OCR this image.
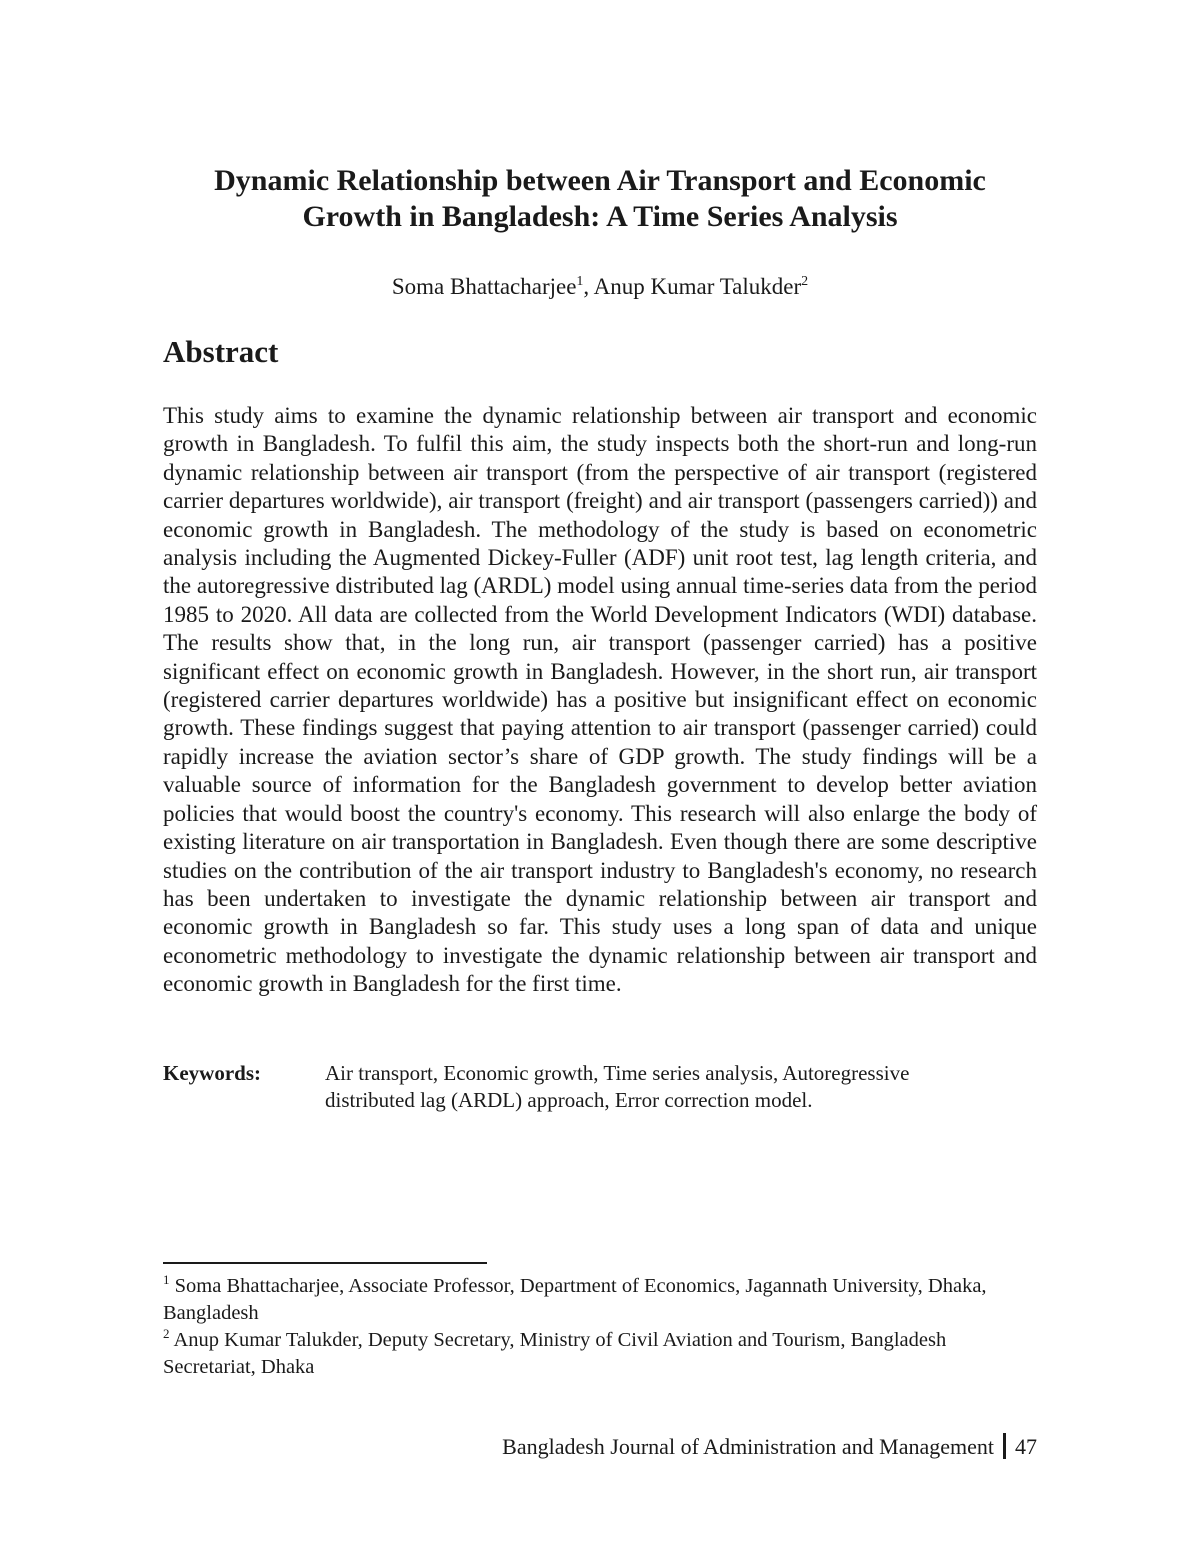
Dynamic Relationship between Air Transport and Economic
Growth in Bangladesh: A Time Series Analysis
Soma Bhattacharjee$^1$, Anup Kumar Talukder$^2$
Abstract

This study aims to examine the dynamic relationship between air transport and economic growth in Bangladesh. To fulfil this aim, the study inspects both the short-run and long-run dynamic relationship between air transport (from the perspective of air transport (registered carrier departures worldwide), air transport (freight) and air transport (passengers carried)) and economic growth in Bangladesh. The methodology of the study is based on econometric analysis including the Augmented Dickey-Fuller (ADF) unit root test, lag length criteria, and the autoregressive distributed lag (ARDL) model using annual time-series data from the period 1985 to 2020. All data are collected from the World Development Indicators (WDI) database. The results show that, in the long run, air transport (passenger carried) has a positive significant effect on economic growth in Bangladesh. However, in the short run, air transport (registered carrier departures worldwide) has a positive but insignificant effect on economic growth. These findings suggest that paying attention to air transport (passenger carried) could rapidly increase the aviation sector’s share of GDP growth. The study findings will be a valuable source of information for the Bangladesh government to develop better aviation policies that would boost the country's economy. This research will also enlarge the body of existing literature on air transportation in Bangladesh. Even though there are some descriptive studies on the contribution of the air transport industry to Bangladesh's economy, no research has been undertaken to investigate the dynamic relationship between air transport and economic growth in Bangladesh so far. This study uses a long span of data and unique econometric methodology to investigate the dynamic relationship between air transport and economic growth in Bangladesh for the first time.

Keywords:	Air transport, Economic growth, Time series analysis, Autoregressive distributed lag (ARDL) approach, Error correction model.

$^1$ Soma Bhattacharjee, Associate Professor, Department of Economics, Jagannath University, Dhaka, Bangladesh

$^2$ Anup Kumar Talukder, Deputy Secretary, Ministry of Civil Aviation and Tourism, Bangladesh Secretariat, Dhaka

Bangladesh Journal of Administration and Management 47
